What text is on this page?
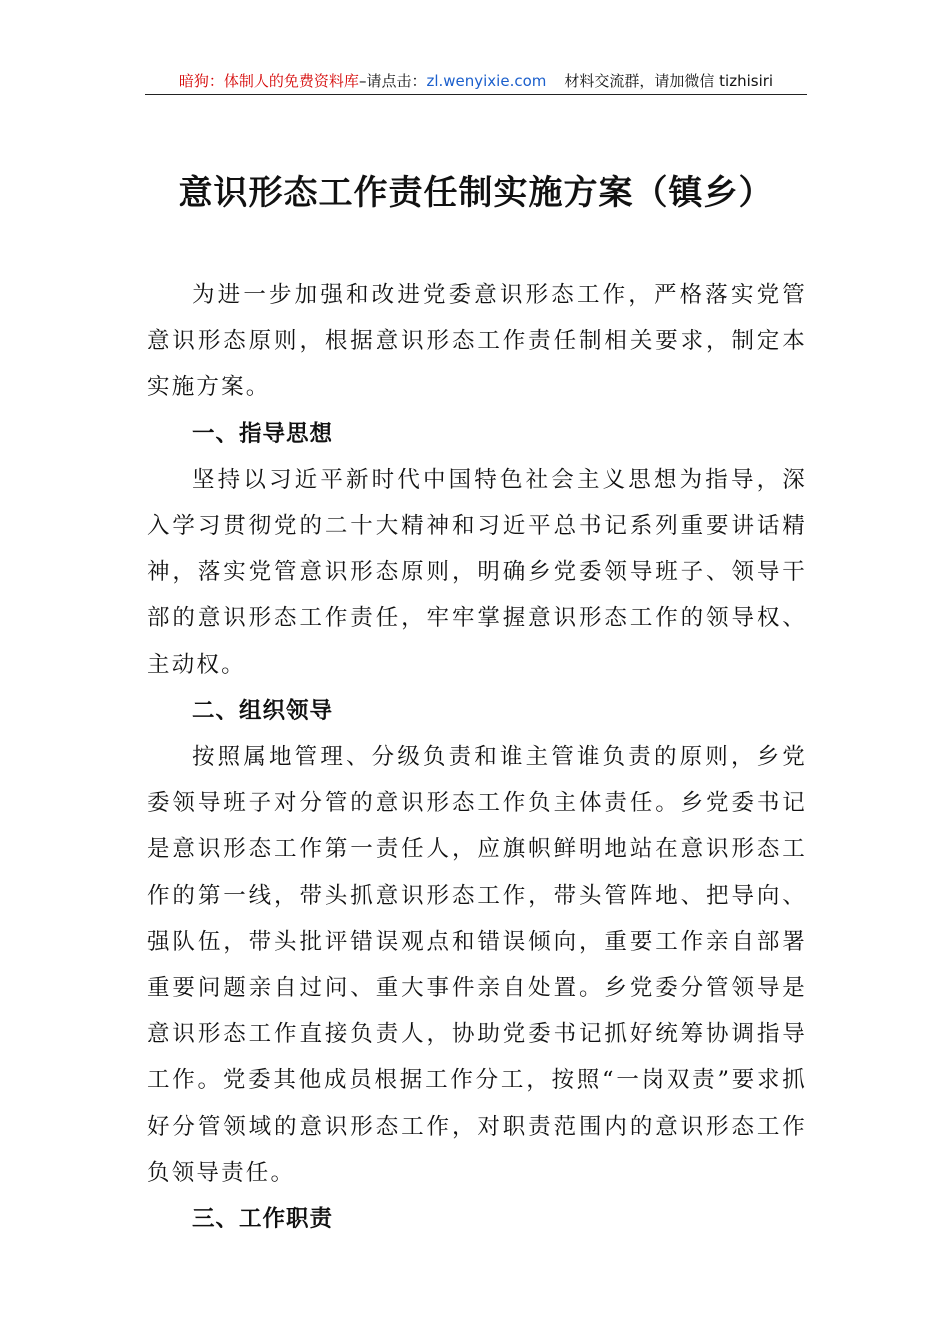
暗狗：体制人的免费资料库–请点击：zl.wenyixie.com 材料交流群，请加微信 tizhisiri
意识形态工作责任制实施方案（镇乡）

为进一步加强和改进党委意识形态工作，严格落实党管意识形态原则，根据意识形态工作责任制相关要求，制定本实施方案。

一、指导思想

坚持以习近平新时代中国特色社会主义思想为指导，深入学习贯彻党的二十大精神和习近平总书记系列重要讲话精神，落实党管意识形态原则，明确乡党委领导班子、领导干部的意识形态工作责任，牢牢掌握意识形态工作的领导权、主动权。

二、组织领导

按照属地管理、分级负责和谁主管谁负责的原则，乡党委领导班子对分管的意识形态工作负主体责任。乡党委书记是意识形态工作第一责任人，应旗帜鲜明地站在意识形态工作的第一线，带头抓意识形态工作，带头管阵地、把导向、强队伍，带头批评错误观点和错误倾向，重要工作亲自部署重要问题亲自过问、重大事件亲自处置。乡党委分管领导是意识形态工作直接负责人，协助党委书记抓好统筹协调指导工作。党委其他成员根据工作分工，按照“一岗双责”要求抓好分管领域的意识形态工作，对职责范围内的意识形态工作负领导责任。

三、工作职责
